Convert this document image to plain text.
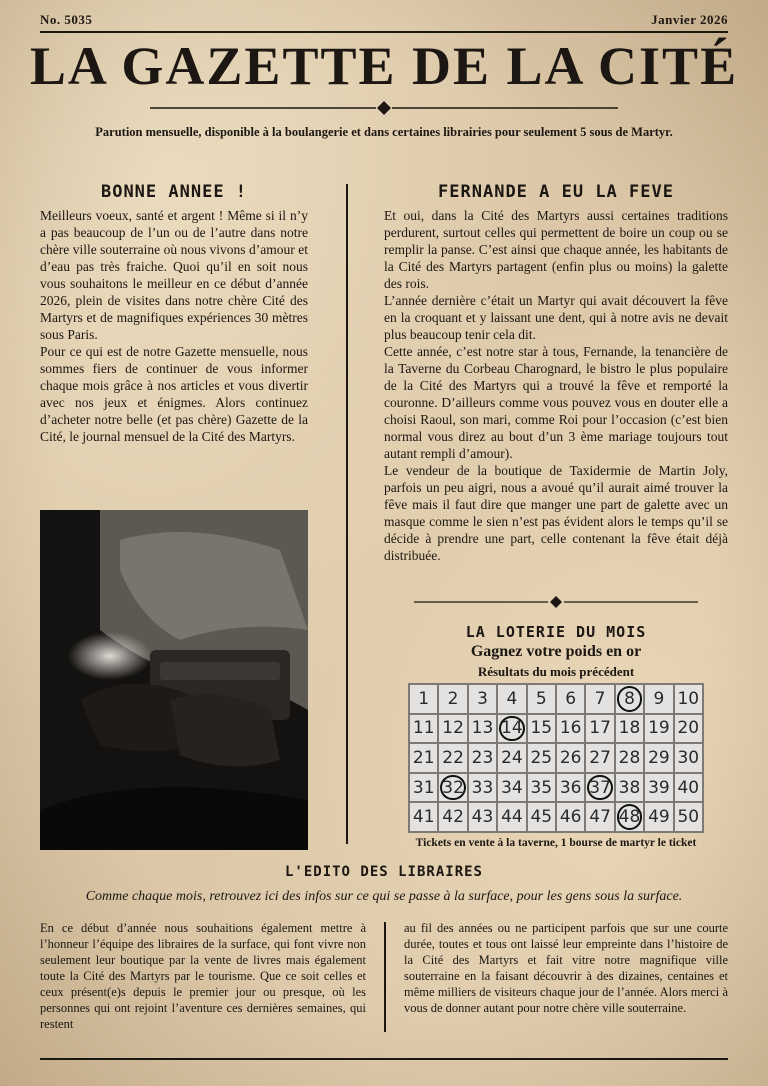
No. 5035	Janvier 2026
LA GAZETTE DE LA CITÉ
Parution mensuelle, disponible à la boulangerie et dans certaines librairies pour seulement 5 sous de Martyr.
BONNE ANNEE !

Meilleurs voeux, santé et argent ! Même si il n’y a pas beaucoup de l’un ou de l’autre dans notre chère ville souterraine où nous vivons d’amour et d’eau pas très fraiche. Quoi qu’il en soit nous vous souhaitons le meilleur en ce début d’année 2026, plein de visites dans notre chère Cité des Martyrs et de magnifiques expériences 30 mètres sous Paris.

Pour ce qui est de notre Gazette mensuelle, nous sommes fiers de continuer de vous informer chaque mois grâce à nos articles et vous divertir avec nos jeux et énigmes. Alors continuez d’acheter notre belle (et pas chère) Gazette de la Cité, le journal mensuel de la Cité des Martyrs.

FERNANDE A EU LA FEVE

Et oui, dans la Cité des Martyrs aussi certaines traditions perdurent, surtout celles qui permettent de boire un coup ou se remplir la panse. C’est ainsi que chaque année, les habitants de la Cité des Martyrs partagent (enfin plus ou moins) la galette des rois.

L’année dernière c’était un Martyr qui avait découvert la fêve en la croquant et y laissant une dent, qui à notre avis ne devait plus beaucoup tenir cela dit.

Cette année, c’est notre star à tous, Fernande, la tenancière de la Taverne du Corbeau Charognard, le bistro le plus populaire de la Cité des Martyrs qui a trouvé la fêve et remporté la couronne. D’ailleurs comme vous pouvez vous en douter elle a choisi Raoul, son mari, comme Roi pour l’occasion (c’est bien normal vous direz au bout d’un 3 ème mariage toujours tout autant rempli d’amour).

Le vendeur de la boutique de Taxidermie de Martin Joly, parfois un peu aigri, nous a avoué qu’il aurait aimé trouver la fêve mais il faut dire que manger une part de galette avec un masque comme le sien n’est pas évident alors le temps qu’il se décide à prendre une part, celle contenant la fêve était déjà distribuée.

LA LOTERIE DU MOIS
Gagnez votre poids en or
Résultats du mois précédent
1	2	3	4	5	6	7	8	9 10
11 12 13 14 15 16 17 18 19 20
21 22 23 24 25 26 27 28 29 30
31 32 33 34 35 36 37 38 39 40
41 42 43 44 45 46 47 48 49 50
Tickets en vente à la taverne, 1 bourse de martyr le ticket
L'EDITO DES LIBRAIRES
Comme chaque mois, retrouvez ici des infos sur ce qui se passe à la surface, pour les gens sous la surface.
En ce début d’année nous souhaitions également mettre à l’honneur l’équipe des libraires de la surface, qui font vivre non seulement leur boutique par la vente de livres mais également toute la Cité des Martyrs par le tourisme. Que ce soit celles et ceux présent(e)s depuis le premier jour ou presque, où les personnes qui ont rejoint l’aventure ces dernières semaines, qui restent
au fil des années ou ne participent parfois que sur une courte durée, toutes et tous ont laissé leur empreinte dans l’histoire de la Cité des Martyrs et fait vitre notre magnifique ville souterraine en la faisant découvrir à des dizaines, centaines et même milliers de visiteurs chaque jour de l’année. Alors merci à vous de donner autant pour notre chère ville souterraine.
